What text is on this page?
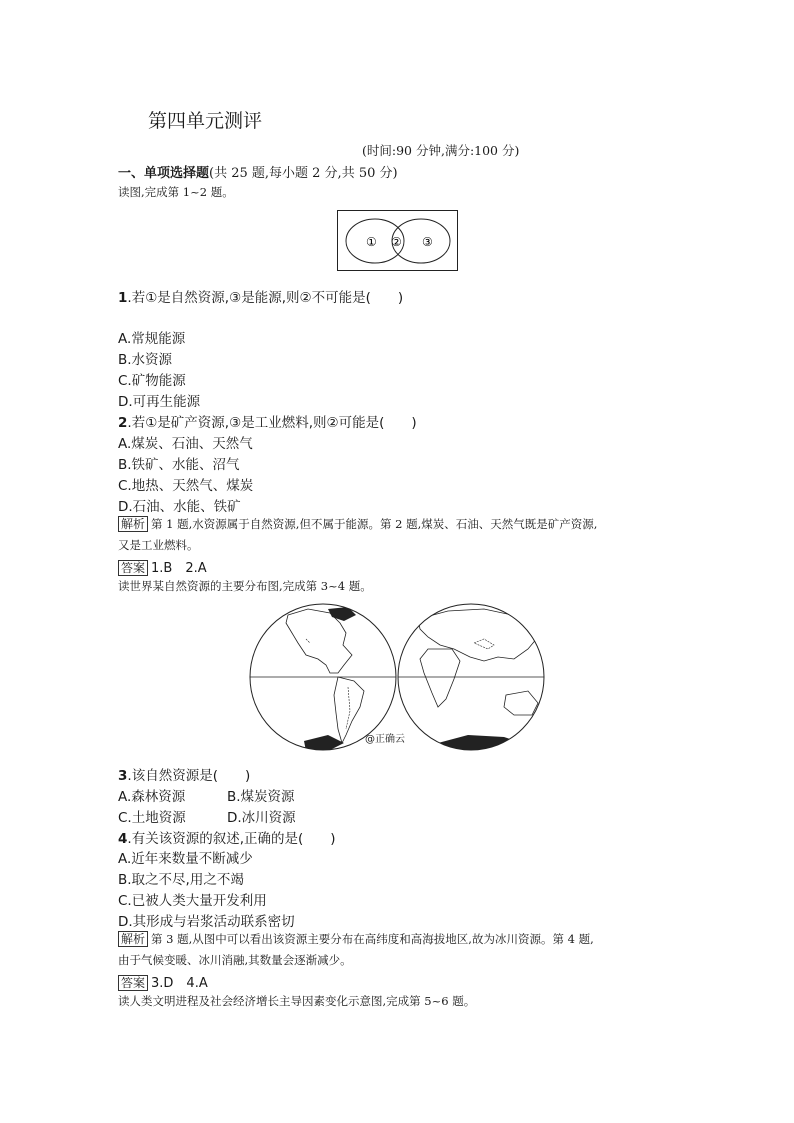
第四单元测评
(时间:90 分钟,满分:100 分)
一、单项选择题(共 25 题,每小题 2 分,共 50 分)
读图,完成第 1~2 题。
① ② ③
1.若①是自然资源,③是能源,则②不可能是(　　)
A.常规能源
B.水资源
C.矿物能源
D.可再生能源
2.若①是矿产资源,③是工业燃料,则②可能是(　　)
A.煤炭、石油、天然气
B.铁矿、水能、沼气
C.地热、天然气、煤炭
D.石油、水能、铁矿
解析 第 1 题,水资源属于自然资源,但不属于能源。第 2 题,煤炭、石油、天然气既是矿产资源,
又是工业燃料。
答案 1.B　2.A
读世界某自然资源的主要分布图,完成第 3~4 题。
@正确云
3.该自然资源是(　　)
A.森林资源	B.煤炭资源
C.土地资源	D.冰川资源
4.有关该资源的叙述,正确的是(　　)
A.近年来数量不断减少
B.取之不尽,用之不竭
C.已被人类大量开发利用
D.其形成与岩浆活动联系密切
解析 第 3 题,从图中可以看出该资源主要分布在高纬度和高海拔地区,故为冰川资源。第 4 题,
由于气候变暖、冰川消融,其数量会逐渐减少。
答案 3.D　4.A
读人类文明进程及社会经济增长主导因素变化示意图,完成第 5~6 题。
